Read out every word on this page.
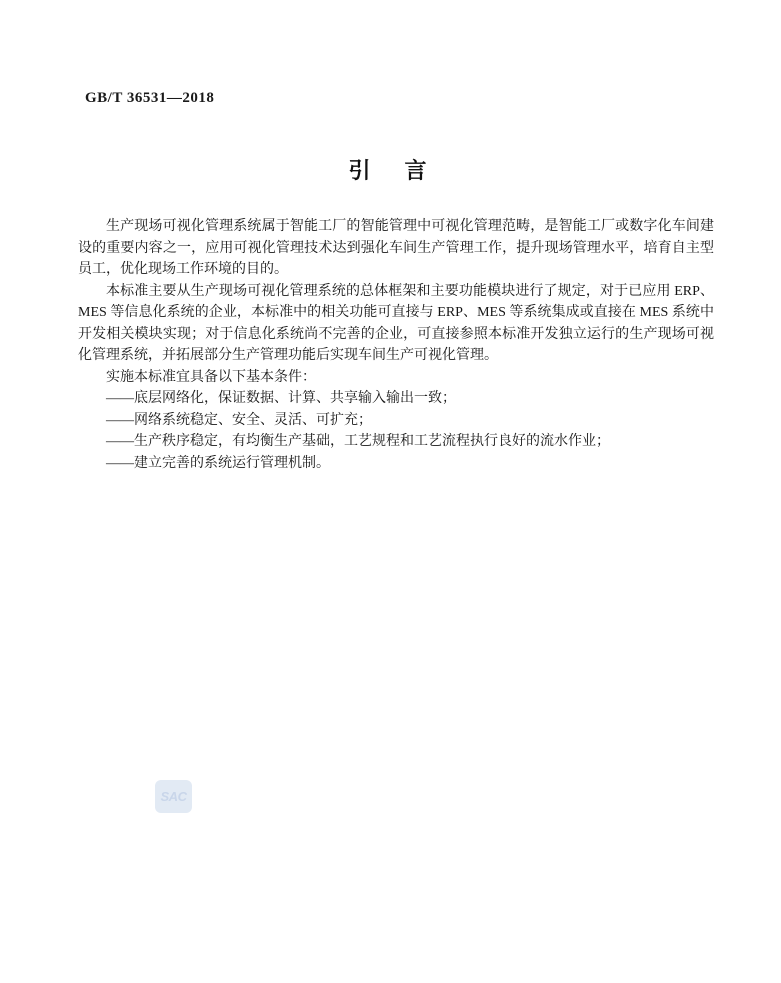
GB/T 36531—2018
引　言

生产现场可视化管理系统属于智能工厂的智能管理中可视化管理范畴，是智能工厂或数字化车间建设的重要内容之一，应用可视化管理技术达到强化车间生产管理工作，提升现场管理水平，培育自主型员工，优化现场工作环境的目的。

本标准主要从生产现场可视化管理系统的总体框架和主要功能模块进行了规定，对于已应用 ERP、MES 等信息化系统的企业，本标准中的相关功能可直接与 ERP、MES 等系统集成或直接在 MES 系统中开发相关模块实现；对于信息化系统尚不完善的企业，可直接参照本标准开发独立运行的生产现场可视化管理系统，并拓展部分生产管理功能后实现车间生产可视化管理。

实施本标准宜具备以下基本条件：

——底层网络化，保证数据、计算、共享输入输出一致；
——网络系统稳定、安全、灵活、可扩充；
——生产秩序稳定，有均衡生产基础，工艺规程和工艺流程执行良好的流水作业；
——建立完善的系统运行管理机制。
SAC
